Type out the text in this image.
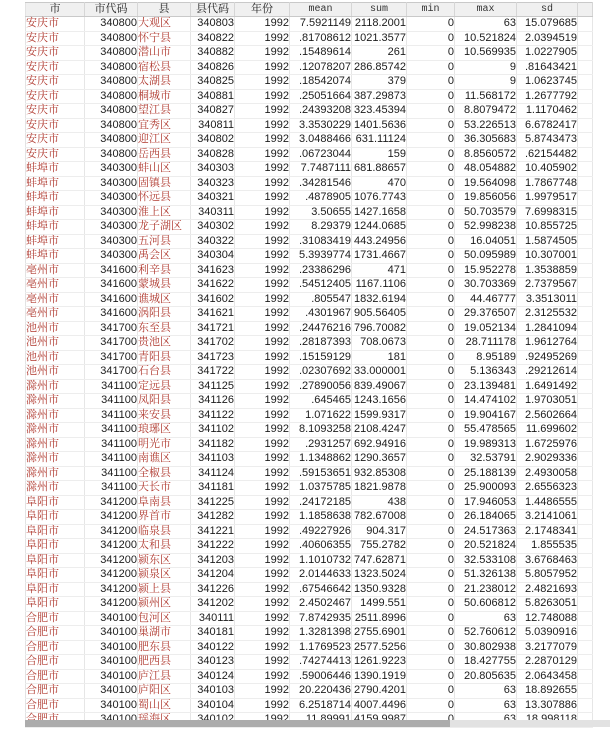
市	市代码	县	县代码	年份	mean	sum	min	max	sd	
安庆市	340800	大观区	340803	1992	7.5921149	2118.2001	0	63	15.079685	
安庆市	340800	怀宁县	340822	1992	.81708612	1021.3577	0	10.521824	2.0394519	
安庆市	340800	潜山市	340882	1992	.15489614	261	0	10.569935	1.0227905	
安庆市	340800	宿松县	340826	1992	.12078207	286.85742	0	9	.81643421	
安庆市	340800	太湖县	340825	1992	.18542074	379	0	9	1.0623745	
安庆市	340800	桐城市	340881	1992	.25051664	387.29873	0	11.568172	1.2677792	
安庆市	340800	望江县	340827	1992	.24393208	323.45394	0	8.8079472	1.1170462	
安庆市	340800	宜秀区	340811	1992	3.3530229	1401.5636	0	53.226513	6.6782417	
安庆市	340800	迎江区	340802	1992	3.0488466	631.11124	0	36.305683	5.8743473	
安庆市	340800	岳西县	340828	1992	.06723044	159	0	8.8560572	.62154482	
蚌埠市	340300	蚌山区	340303	1992	7.7487111	681.88657	0	48.054882	10.405902	
蚌埠市	340300	固镇县	340323	1992	.34281546	470	0	19.564098	1.7867748	
蚌埠市	340300	怀远县	340321	1992	.4878905	1076.7743	0	19.856056	1.9979517	
蚌埠市	340300	淮上区	340311	1992	3.50655	1427.1658	0	50.703579	7.6998315	
蚌埠市	340300	龙子湖区	340302	1992	8.29379	1244.0685	0	52.998238	10.855725	
蚌埠市	340300	五河县	340322	1992	.31083419	443.24956	0	16.04051	1.5874505	
蚌埠市	340300	禹会区	340304	1992	5.3939774	1731.4667	0	50.095989	10.307001	
亳州市	341600	利辛县	341623	1992	.23386296	471	0	15.952278	1.3538859	
亳州市	341600	蒙城县	341622	1992	.54512405	1167.1106	0	30.703369	2.7379567	
亳州市	341600	谯城区	341602	1992	.805547	1832.6194	0	44.46777	3.3513011	
亳州市	341600	涡阳县	341621	1992	.4301967	905.56405	0	29.376507	2.3125532	
池州市	341700	东至县	341721	1992	.24476216	796.70082	0	19.052134	1.2841094	
池州市	341700	贵池区	341702	1992	.28187393	708.0673	0	28.711178	1.9612764	
池州市	341700	青阳县	341723	1992	.15159129	181	0	8.95189	.92495269	
池州市	341700	石台县	341722	1992	.02307692	33.000001	0	5.136343	.29212614	
滁州市	341100	定远县	341125	1992	.27890056	839.49067	0	23.139481	1.6491492	
滁州市	341100	凤阳县	341126	1992	.645465	1243.1656	0	14.474102	1.9703051	
滁州市	341100	来安县	341122	1992	1.071622	1599.9317	0	19.904167	2.5602664	
滁州市	341100	琅琊区	341102	1992	8.1093258	2108.4247	0	55.478565	11.699602	
滁州市	341100	明光市	341182	1992	.2931257	692.94916	0	19.989313	1.6725976	
滁州市	341100	南谯区	341103	1992	1.1348862	1290.3657	0	32.53791	2.9029336	
滁州市	341100	全椒县	341124	1992	.59153651	932.85308	0	25.188139	2.4930058	
滁州市	341100	天长市	341181	1992	1.0375785	1821.9878	0	25.900093	2.6556323	
阜阳市	341200	阜南县	341225	1992	.24172185	438	0	17.946053	1.4486555	
阜阳市	341200	界首市	341282	1992	1.1858638	782.67008	0	26.184065	3.2141061	
阜阳市	341200	临泉县	341221	1992	.49227926	904.317	0	24.517363	2.1748341	
阜阳市	341200	太和县	341222	1992	.40606355	755.2782	0	20.521824	1.855535	
阜阳市	341200	颍东区	341203	1992	1.1010732	747.62871	0	32.533108	3.6768463	
阜阳市	341200	颍泉区	341204	1992	2.0144633	1323.5024	0	51.326138	5.8057952	
阜阳市	341200	颍上县	341226	1992	.67546642	1350.9328	0	21.238012	2.4821693	
阜阳市	341200	颍州区	341202	1992	2.4502467	1499.551	0	50.606812	5.8263051	
合肥市	340100	包河区	340111	1992	7.8742935	2511.8996	0	63	12.748088	
合肥市	340100	巢湖市	340181	1992	1.3281398	2755.6901	0	52.760612	5.0390916	
合肥市	340100	肥东县	340122	1992	1.1769523	2577.5256	0	30.802938	3.2177079	
合肥市	340100	肥西县	340123	1992	.74274413	1261.9223	0	18.427755	2.2870129	
合肥市	340100	庐江县	340124	1992	.59006446	1390.1919	0	20.805635	2.0643458	
合肥市	340100	庐阳区	340103	1992	20.220436	2790.4201	0	63	18.892655	
合肥市	340100	蜀山区	340104	1992	6.2518714	4007.4496	0	63	13.307886	
